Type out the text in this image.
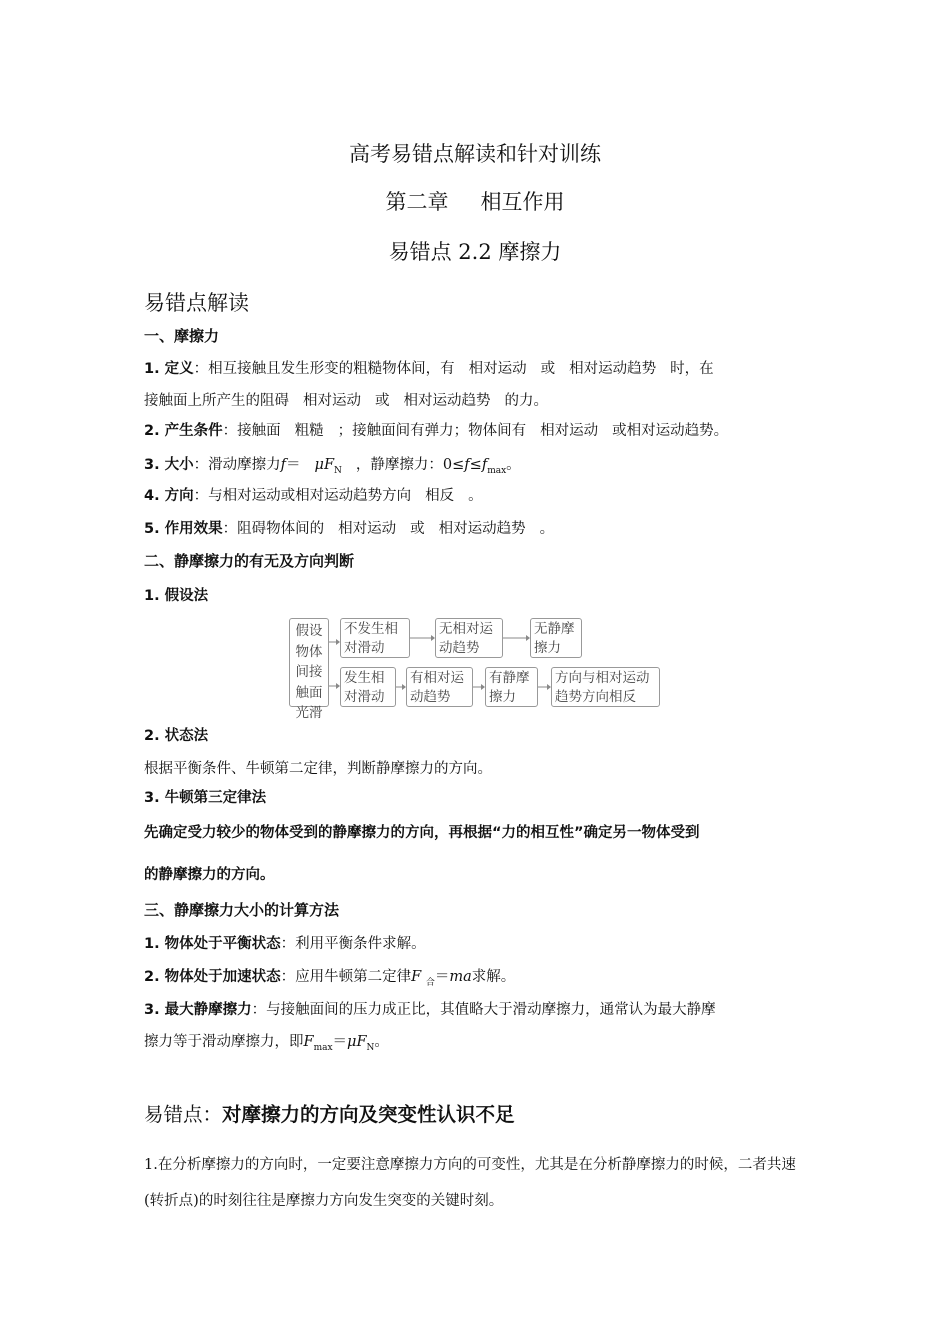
高考易错点解读和针对训练
第二章 相互作用
易错点 2.2 摩擦力
易错点解读
一、摩擦力
1. 定义：相互接触且发生形变的粗糙物体间，有 相对运动 或 相对运动趋势 时，在
接触面上所产生的阻碍 相对运动 或 相对运动趋势 的力。
2. 产生条件：接触面 粗糙 ；接触面间有弹力；物体间有 相对运动 或相对运动趋势。
3. 大小：滑动摩擦力$f= \mu F_N$ ，静摩擦力：$0\le f\le f_{max}$。
4. 方向：与相对运动或相对运动趋势方向 相反 。
5. 作用效果：阻碍物体间的 相对运动 或 相对运动趋势 。
二、静摩擦力的有无及方向判断
1. 假设法
假设物体间接触面光滑
不发生相对滑动
无相对运动趋势
无静摩擦力
发生相对滑动
有相对运动趋势
有静摩擦力
方向与相对运动趋势方向相反
2. 状态法
根据平衡条件、牛顿第二定律，判断静摩擦力的方向。
3. 牛顿第三定律法
先确定受力较少的物体受到的静摩擦力的方向，再根据“力的相互性”确定另一物体受到
的静摩擦力的方向。
三、静摩擦力大小的计算方法
1. 物体处于平衡状态：利用平衡条件求解。
2. 物体处于加速状态：应用牛顿第二定律F $_合$＝ma求解。
3. 最大静摩擦力：与接触面间的压力成正比，其值略大于滑动摩擦力，通常认为最大静摩
擦力等于滑动摩擦力，即$F_{max}=\mu F_N$。
易错点：对摩擦力的方向及突变性认识不足
1.在分析摩擦力的方向时，一定要注意摩擦力方向的可变性，尤其是在分析静摩擦力的时候，二者共速(转折点)的时刻往往是摩擦力方向发生突变的关键时刻。
